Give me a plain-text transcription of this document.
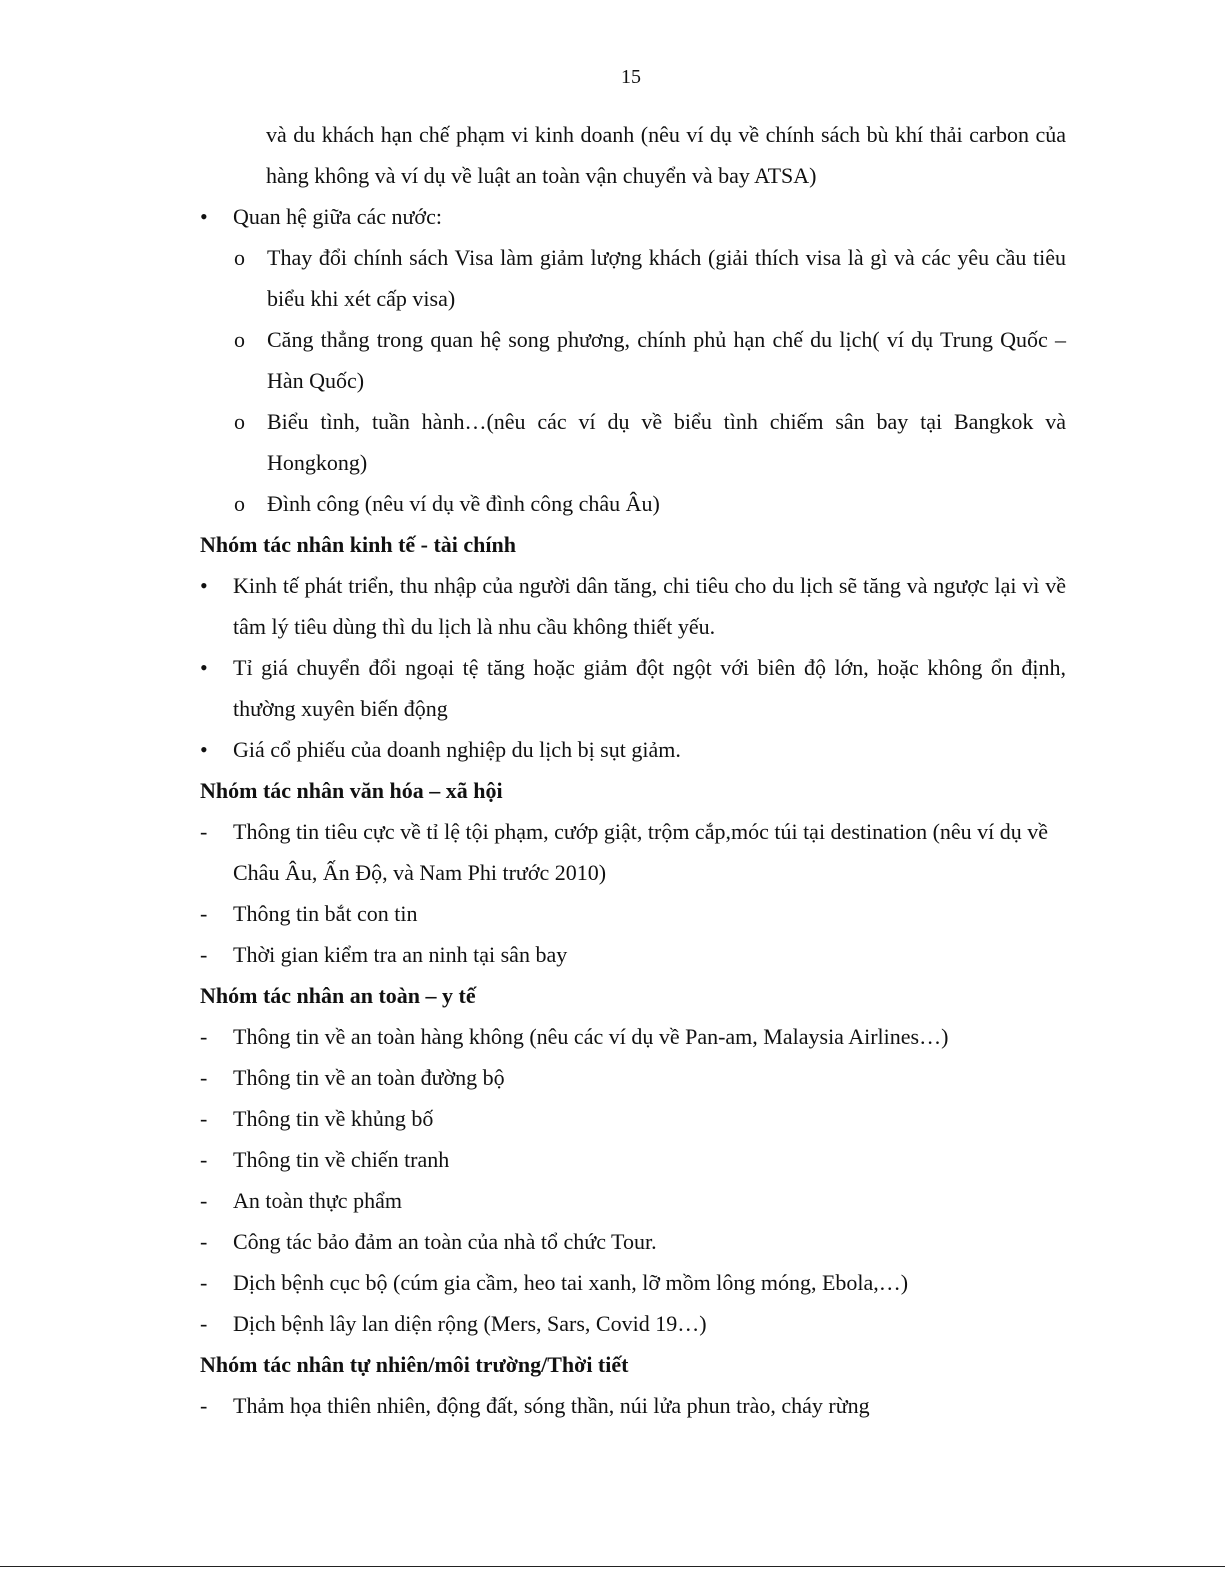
15
và du khách hạn chế phạm vi kinh doanh (nêu ví dụ về chính sách bù khí thải carbon của hàng không và ví dụ về luật an toàn vận chuyển và bay ATSA)
•	Quan hệ giữa các nước:
o	Thay đổi chính sách Visa làm giảm lượng khách (giải thích visa là gì và các yêu cầu tiêu biểu khi xét cấp visa)
o	Căng thẳng trong quan hệ song phương, chính phủ hạn chế du lịch( ví dụ Trung Quốc – Hàn Quốc)
o	Biểu tình, tuần hành…(nêu các ví dụ về biểu tình chiếm sân bay tại Bangkok và Hongkong)
o	Đình công (nêu ví dụ về đình công châu Âu)
Nhóm tác nhân kinh tế - tài chính
•	Kinh tế phát triển, thu nhập của người dân tăng, chi tiêu cho du lịch sẽ tăng và ngược lại vì về tâm lý tiêu dùng thì du lịch là nhu cầu không thiết yếu.
•	Tỉ giá chuyển đổi ngoại tệ tăng hoặc giảm đột ngột với biên độ lớn, hoặc không ổn định, thường xuyên biến động
•	Giá cổ phiếu của doanh nghiệp du lịch bị sụt giảm.
Nhóm tác nhân văn hóa – xã hội
-	Thông tin tiêu cực về tỉ lệ tội phạm, cướp giật, trộm cắp,móc túi tại destination (nêu ví dụ về Châu Âu, Ấn Độ, và Nam Phi trước 2010)
-	Thông tin bắt con tin
-	Thời gian kiểm tra an ninh tại sân bay
Nhóm tác nhân an toàn – y tế
-	Thông tin về an toàn hàng không (nêu các ví dụ về Pan-am, Malaysia Airlines…)
-	Thông tin về an toàn đường bộ
-	Thông tin về khủng bố
-	Thông tin về chiến tranh
-	An toàn thực phẩm
-	Công tác bảo đảm an toàn của nhà tổ chức Tour.
-	Dịch bệnh cục bộ (cúm gia cầm, heo tai xanh, lỡ mồm lông móng, Ebola,…)
-	Dịch bệnh lây lan diện rộng (Mers, Sars, Covid 19…)
Nhóm tác nhân tự nhiên/môi trường/Thời tiết
-	Thảm họa thiên nhiên, động đất, sóng thần, núi lửa phun trào, cháy rừng
